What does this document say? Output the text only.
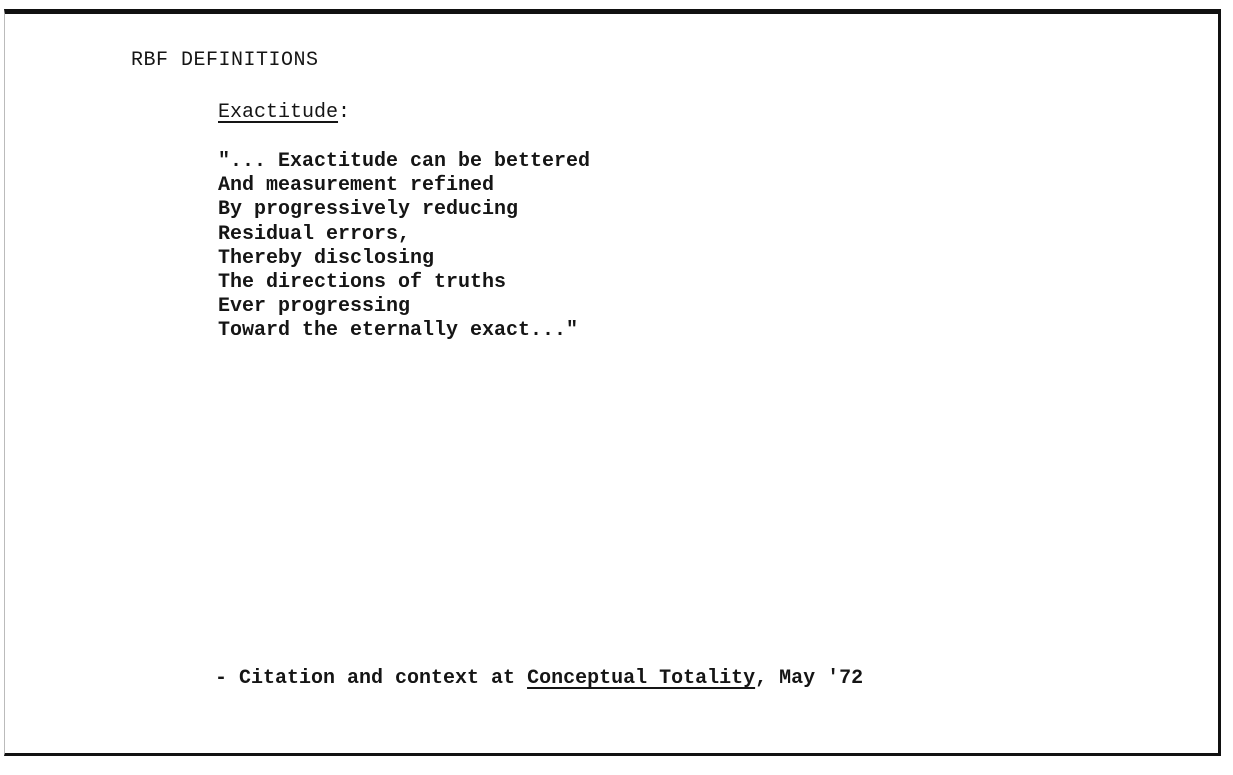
RBF DEFINITIONS
Exactitude:
"... Exactitude can be bettered
And measurement refined
By progressively reducing
Residual errors,
Thereby disclosing
The directions of truths
Ever progressing
Toward the eternally exact..."
- Citation and context at Conceptual Totality, May '72
